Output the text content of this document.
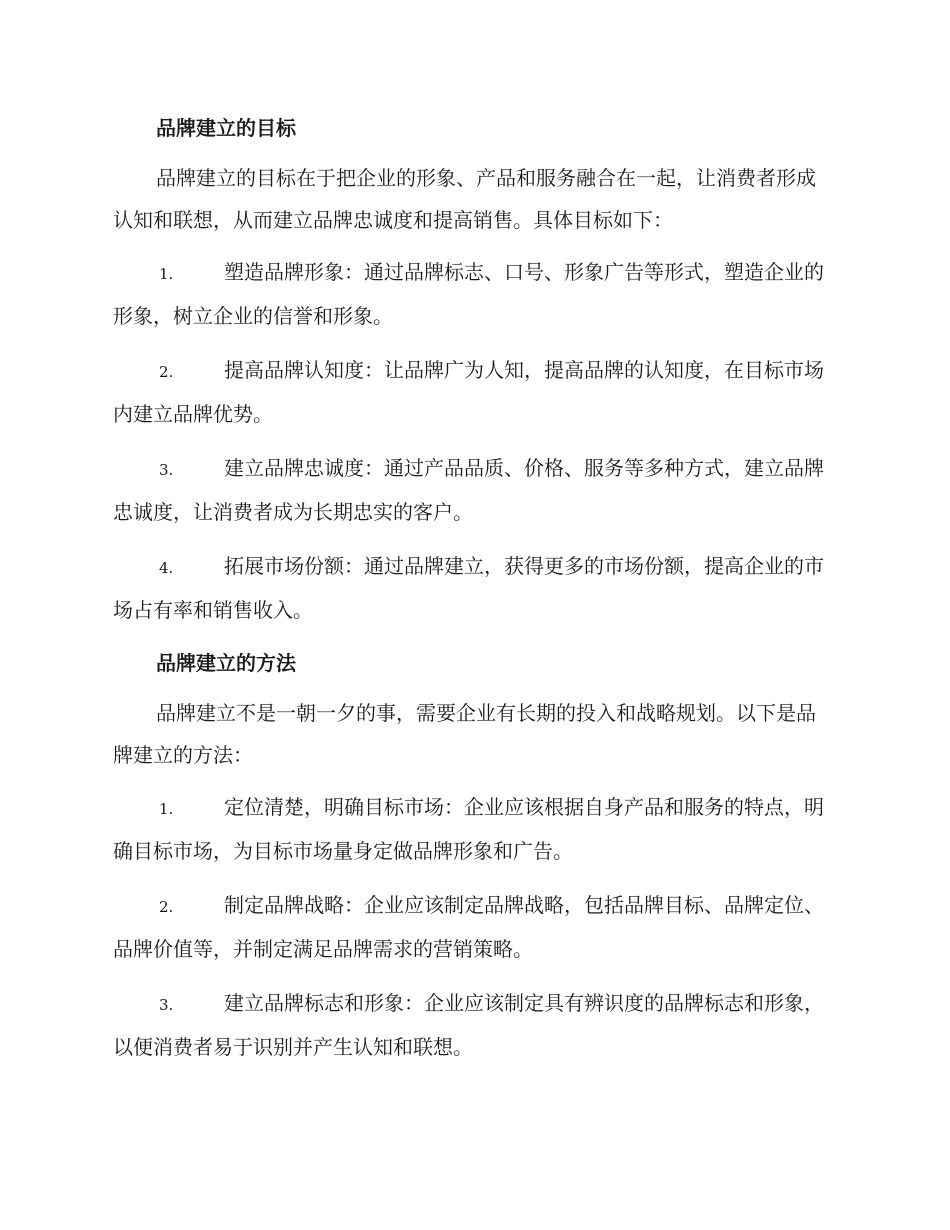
品牌建立的目标

品牌建立的目标在于把企业的形象、产品和服务融合在一起，让消费者形成认知和联想，从而建立品牌忠诚度和提高销售。具体目标如下：

1.	塑造品牌形象：通过品牌标志、口号、形象广告等形式，塑造企业的形象，树立企业的信誉和形象。
2.	提高品牌认知度：让品牌广为人知，提高品牌的认知度，在目标市场内建立品牌优势。
3.	建立品牌忠诚度：通过产品品质、价格、服务等多种方式，建立品牌忠诚度，让消费者成为长期忠实的客户。
4.	拓展市场份额：通过品牌建立，获得更多的市场份额，提高企业的市场占有率和销售收入。
品牌建立的方法

品牌建立不是一朝一夕的事，需要企业有长期的投入和战略规划。以下是品牌建立的方法：

1.	定位清楚，明确目标市场：企业应该根据自身产品和服务的特点，明确目标市场，为目标市场量身定做品牌形象和广告。
2.	制定品牌战略：企业应该制定品牌战略，包括品牌目标、品牌定位、品牌价值等，并制定满足品牌需求的营销策略。
3.	建立品牌标志和形象：企业应该制定具有辨识度的品牌标志和形象，以便消费者易于识别并产生认知和联想。
